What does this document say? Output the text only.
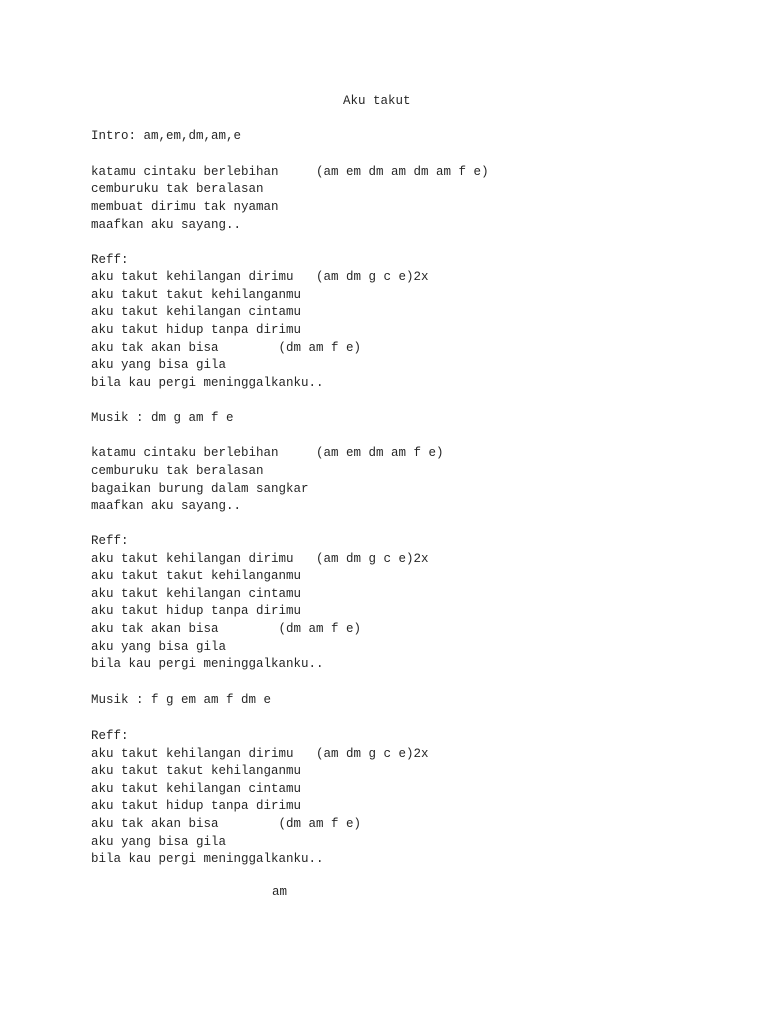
Aku takut

Intro: am,em,dm,am,e

katamu cintaku berlebihan     (am em dm am dm am f e)

cemburuku tak beralasan

membuat dirimu tak nyaman

maafkan aku sayang..

Reff:

aku takut kehilangan dirimu   (am dm g c e)2x

aku takut takut kehilanganmu

aku takut kehilangan cintamu

aku takut hidup tanpa dirimu

aku tak akan bisa        (dm am f e)

aku yang bisa gila

bila kau pergi meninggalkanku..

Musik : dm g am f e

katamu cintaku berlebihan     (am em dm am f e)

cemburuku tak beralasan

bagaikan burung dalam sangkar

maafkan aku sayang..

Reff:

aku takut kehilangan dirimu   (am dm g c e)2x

aku takut takut kehilanganmu

aku takut kehilangan cintamu

aku takut hidup tanpa dirimu

aku tak akan bisa        (dm am f e)

aku yang bisa gila

bila kau pergi meninggalkanku..

Musik : f g em am f dm e

Reff:

aku takut kehilangan dirimu   (am dm g c e)2x

aku takut takut kehilanganmu

aku takut kehilangan cintamu

aku takut hidup tanpa dirimu

aku tak akan bisa        (dm am f e)

aku yang bisa gila

bila kau pergi meninggalkanku..

am
